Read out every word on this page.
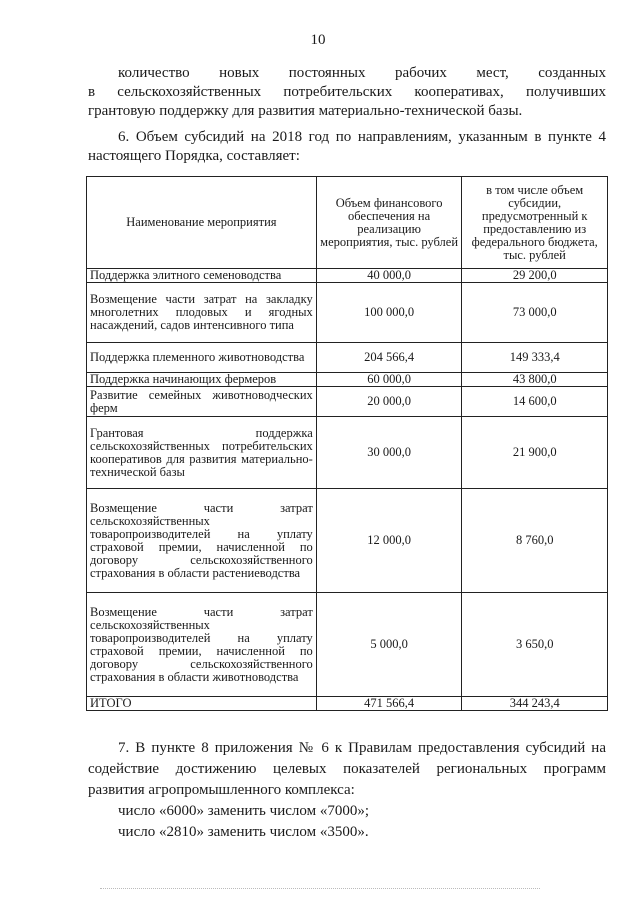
10
количество новых постоянных рабочих мест, созданных
в сельскохозяйственных потребительских кооперативах, получивших
грантовую поддержку для развития материально-технической базы.
6. Объем субсидий на 2018 год по направлениям, указанным в пункте 4
настоящего Порядка, составляет:
Наименование мероприятия	Объем финансового обеспечения на реализацию мероприятия, тыс. рублей	в том числе объем субсидии, предусмотренный к предоставлению из федерального бюджета, тыс. рублей
Поддержка элитного семеноводства	40 000,0	29 200,0
Возмещение части затрат на закладку многолетних плодовых и ягодных насаждений, садов интенсивного типа	100 000,0	73 000,0
Поддержка племенного животноводства	204 566,4	149 333,4
Поддержка начинающих фермеров	60 000,0	43 800,0
Развитие семейных животноводческих ферм	20 000,0	14 600,0
Грантовая поддержка сельскохозяйственных потребительских кооперативов для развития материально-технической базы	30 000,0	21 900,0
Возмещение части затрат сельскохозяйственных товаропроизводителей на уплату страховой премии, начисленной по договору сельскохозяйственного страхования в области растениеводства	12 000,0	8 760,0
Возмещение части затрат сельскохозяйственных товаропроизводителей на уплату страховой премии, начисленной по договору сельскохозяйственного страхования в области животноводства	5 000,0	3 650,0
ИТОГО	471 566,4	344 243,4
7. В пункте 8 приложения № 6 к Правилам предоставления субсидий на
содействие достижению целевых показателей региональных программ
развития агропромышленного комплекса:
число «6000» заменить числом «7000»;
число «2810» заменить числом «3500».
